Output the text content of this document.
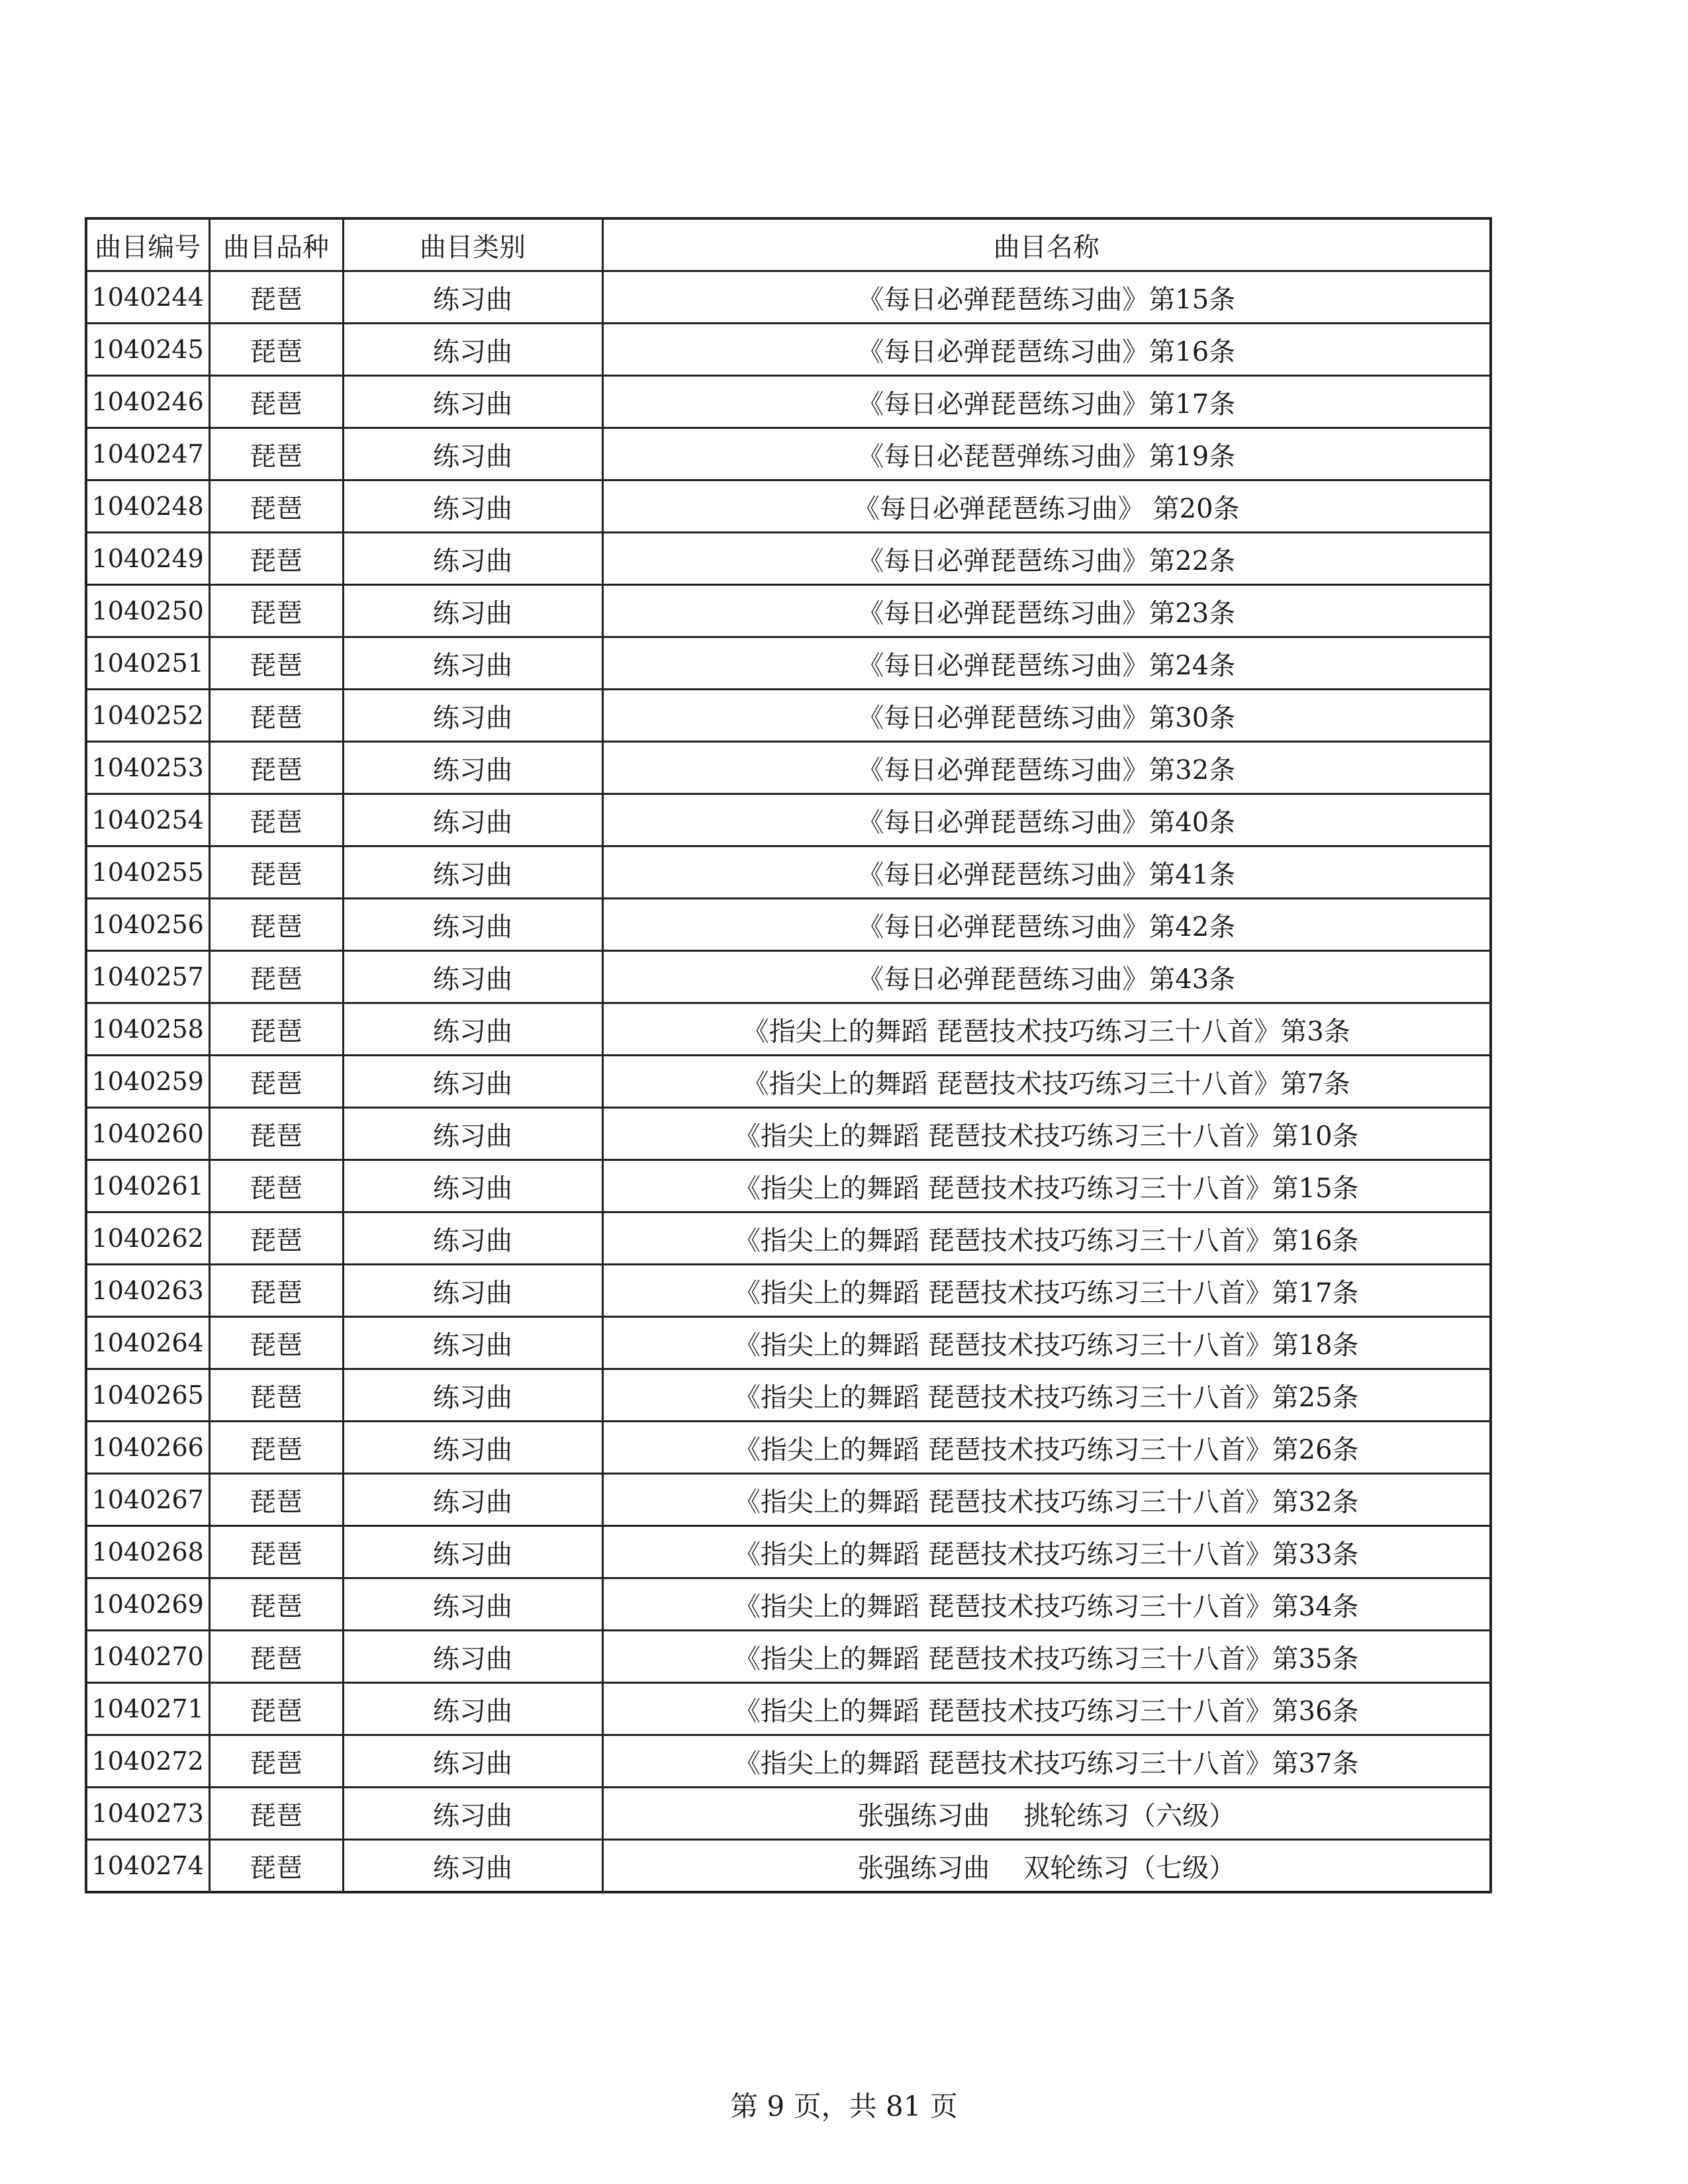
曲目编号	曲目品种	曲目类别	曲目名称
1040244	琵琶	练习曲	《每日必弹琵琶练习曲》第15条
1040245	琵琶	练习曲	《每日必弹琵琶练习曲》第16条
1040246	琵琶	练习曲	《每日必弹琵琶练习曲》第17条
1040247	琵琶	练习曲	《每日必琵琶弹练习曲》第19条
1040248	琵琶	练习曲	《每日必弹琵琶练习曲》 第20条
1040249	琵琶	练习曲	《每日必弹琵琶练习曲》第22条
1040250	琵琶	练习曲	《每日必弹琵琶练习曲》第23条
1040251	琵琶	练习曲	《每日必弹琵琶练习曲》第24条
1040252	琵琶	练习曲	《每日必弹琵琶练习曲》第30条
1040253	琵琶	练习曲	《每日必弹琵琶练习曲》第32条
1040254	琵琶	练习曲	《每日必弹琵琶练习曲》第40条
1040255	琵琶	练习曲	《每日必弹琵琶练习曲》第41条
1040256	琵琶	练习曲	《每日必弹琵琶练习曲》第42条
1040257	琵琶	练习曲	《每日必弹琵琶练习曲》第43条
1040258	琵琶	练习曲	《指尖上的舞蹈 琵琶技术技巧练习三十八首》第3条
1040259	琵琶	练习曲	《指尖上的舞蹈 琵琶技术技巧练习三十八首》第7条
1040260	琵琶	练习曲	《指尖上的舞蹈 琵琶技术技巧练习三十八首》第10条
1040261	琵琶	练习曲	《指尖上的舞蹈 琵琶技术技巧练习三十八首》第15条
1040262	琵琶	练习曲	《指尖上的舞蹈 琵琶技术技巧练习三十八首》第16条
1040263	琵琶	练习曲	《指尖上的舞蹈 琵琶技术技巧练习三十八首》第17条
1040264	琵琶	练习曲	《指尖上的舞蹈 琵琶技术技巧练习三十八首》第18条
1040265	琵琶	练习曲	《指尖上的舞蹈 琵琶技术技巧练习三十八首》第25条
1040266	琵琶	练习曲	《指尖上的舞蹈 琵琶技术技巧练习三十八首》第26条
1040267	琵琶	练习曲	《指尖上的舞蹈 琵琶技术技巧练习三十八首》第32条
1040268	琵琶	练习曲	《指尖上的舞蹈 琵琶技术技巧练习三十八首》第33条
1040269	琵琶	练习曲	《指尖上的舞蹈 琵琶技术技巧练习三十八首》第34条
1040270	琵琶	练习曲	《指尖上的舞蹈 琵琶技术技巧练习三十八首》第35条
1040271	琵琶	练习曲	《指尖上的舞蹈 琵琶技术技巧练习三十八首》第36条
1040272	琵琶	练习曲	《指尖上的舞蹈 琵琶技术技巧练习三十八首》第37条
1040273	琵琶	练习曲	张强练习曲    挑轮练习（六级）
1040274	琵琶	练习曲	张强练习曲    双轮练习（七级）
第 9 页，共 81 页
